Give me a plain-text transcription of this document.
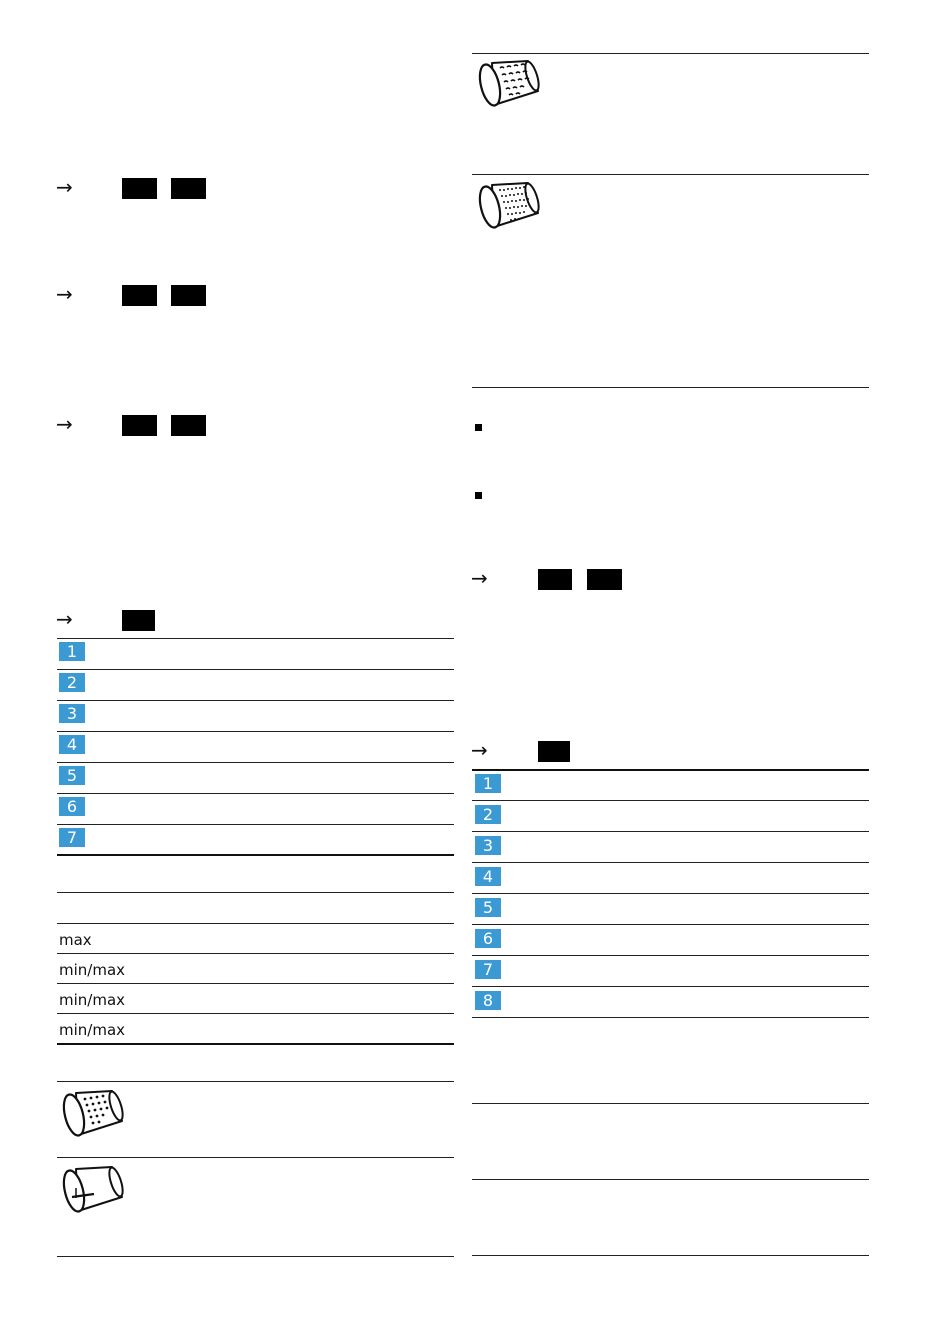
→
→
→
→
1
2
3
4
5
6
7
max
min/max
min/max
min/max
→
→
1
2
3
4
5
6
7
8
